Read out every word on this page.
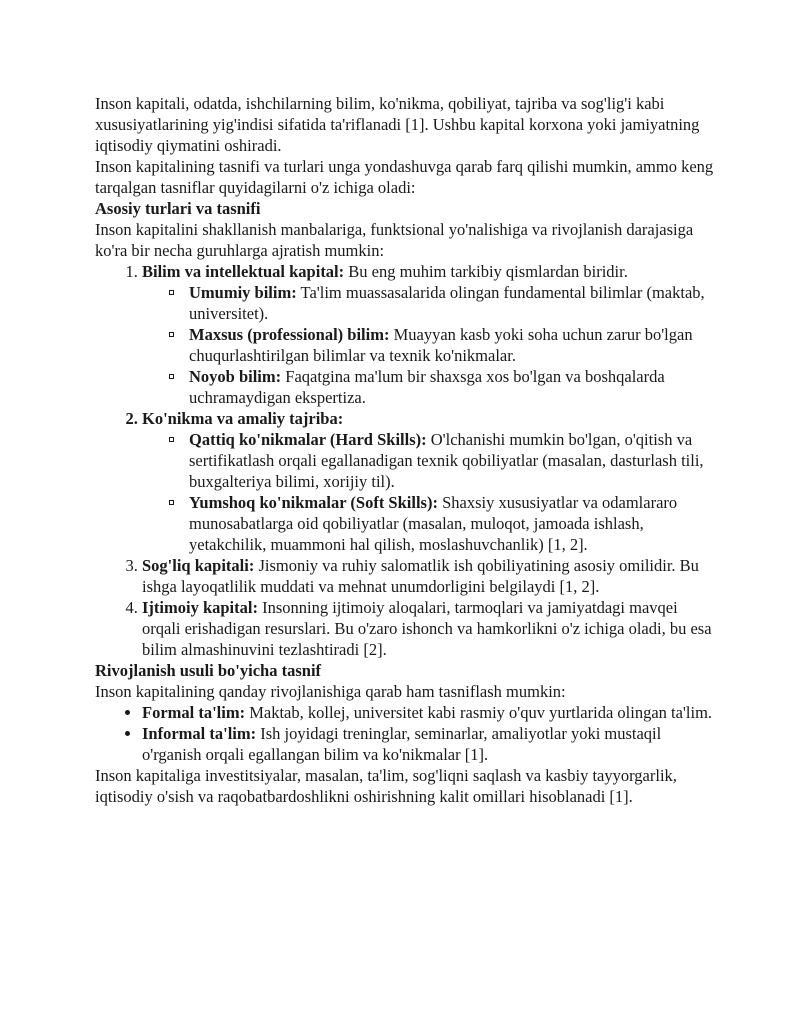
Inson kapitali, odatda, ishchilarning bilim, ko'nikma, qobiliyat, tajriba va sog'lig'i kabi xususiyatlarining yig'indisi sifatida ta'riflanadi [1]. Ushbu kapital korxona yoki jamiyatning iqtisodiy qiymatini oshiradi.

Inson kapitalining tasnifi va turlari unga yondashuvga qarab farq qilishi mumkin, ammo keng tarqalgan tasniflar quyidagilarni o'z ichiga oladi:

Asosiy turlari va tasnifi

Inson kapitalini shakllanish manbalariga, funktsional yo'nalishiga va rivojlanish darajasiga ko'ra bir necha guruhlarga ajratish mumkin:

1. Bilim va intellektual kapital: Bu eng muhim tarkibiy qismlardan biridir.
Umumiy bilim: Ta'lim muassasalarida olingan fundamental bilimlar (maktab, universitet).
Maxsus (professional) bilim: Muayyan kasb yoki soha uchun zarur bo'lgan chuqurlashtirilgan bilimlar va texnik ko'nikmalar.
Noyob bilim: Faqatgina ma'lum bir shaxsga xos bo'lgan va boshqalarda uchramaydigan ekspertiza.
2. Ko'nikma va amaliy tajriba:
Qattiq ko'nikmalar (Hard Skills): O'lchanishi mumkin bo'lgan, o'qitish va sertifikatlash orqali egallanadigan texnik qobiliyatlar (masalan, dasturlash tili, buxgalteriya bilimi, xorijiy til).
Yumshoq ko'nikmalar (Soft Skills): Shaxsiy xususiyatlar va odamlararo munosabatlarga oid qobiliyatlar (masalan, muloqot, jamoada ishlash, yetakchilik, muammoni hal qilish, moslashuvchanlik) [1, 2].
3. Sog'liq kapitali: Jismoniy va ruhiy salomatlik ish qobiliyatining asosiy omilidir. Bu ishga layoqatlilik muddati va mehnat unumdorligini belgilaydi [1, 2].
4. Ijtimoiy kapital: Insonning ijtimoiy aloqalari, tarmoqlari va jamiyatdagi mavqei orqali erishadigan resurslari. Bu o'zaro ishonch va hamkorlikni o'z ichiga oladi, bu esa bilim almashinuvini tezlashtiradi [2].

Rivojlanish usuli bo'yicha tasnif

Inson kapitalining qanday rivojlanishiga qarab ham tasniflash mumkin:

• Formal ta'lim: Maktab, kollej, universitet kabi rasmiy o'quv yurtlarida olingan ta'lim.
• Informal ta'lim: Ish joyidagi treninglar, seminarlar, amaliyotlar yoki mustaqil o'rganish orqali egallangan bilim va ko'nikmalar [1].

Inson kapitaliga investitsiyalar, masalan, ta'lim, sog'liqni saqlash va kasbiy tayyorgarlik, iqtisodiy o'sish va raqobatbardoshlikni oshirishning kalit omillari hisoblanadi [1].
